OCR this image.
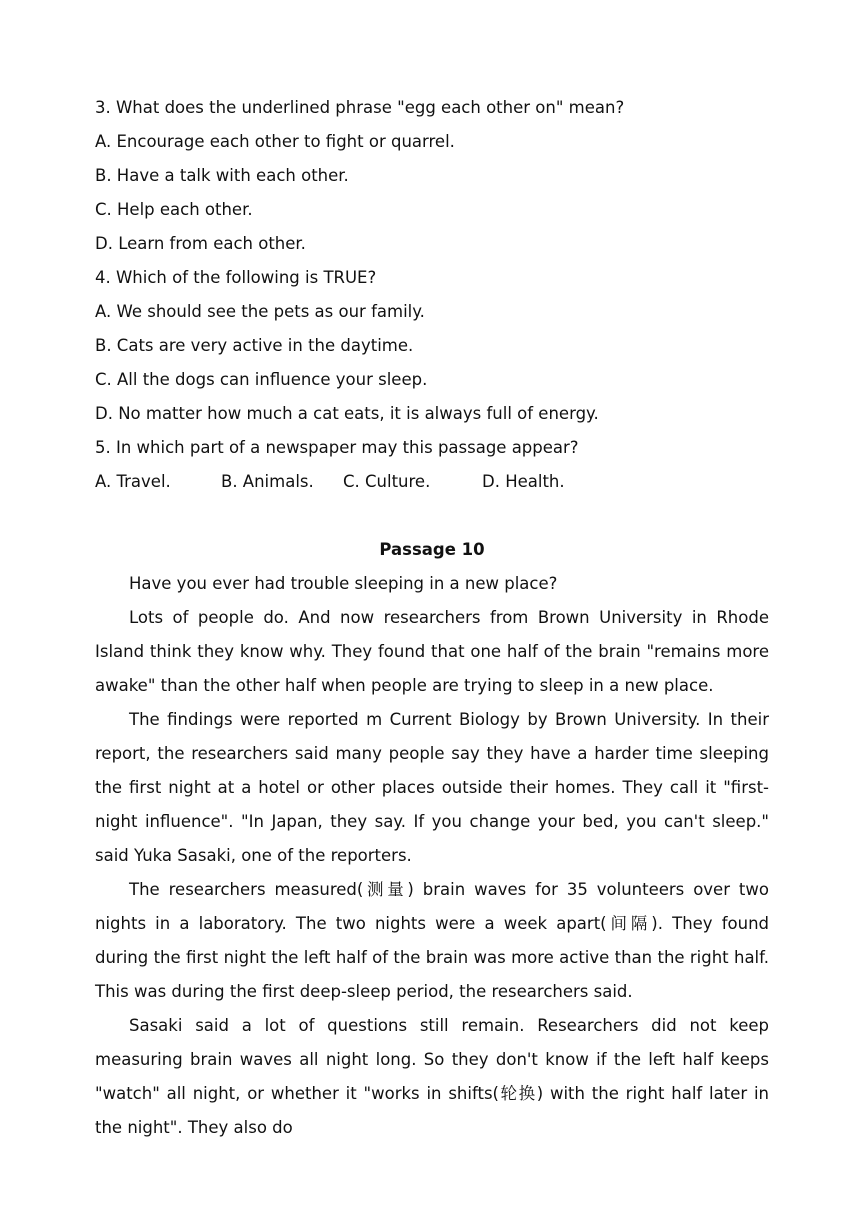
3. What does the underlined phrase "egg each other on" mean?
A. Encourage each other to fight or quarrel.
B. Have a talk with each other.
C. Help each other.
D. Learn from each other.
4. Which of the following is TRUE?
A. We should see the pets as our family.
B. Cats are very active in the daytime.
C. All the dogs can influence your sleep.
D. No matter how much a cat eats, it is always full of energy.
5. In which part of a newspaper may this passage appear?
A. Travel.	B. Animals. C. Culture.	D. Health.
Passage 10

Have you ever had trouble sleeping in a new place?

Lots of people do. And now researchers from Brown University in Rhode Island think they know why. They found that one half of the brain "remains more awake" than the other half when people are trying to sleep in a new place.

The findings were reported m Current Biology by Brown University. In their report, the researchers said many people say they have a harder time sleeping the first night at a hotel or other places outside their homes. They call it "first-night influence". "In Japan, they say. If you change your bed, you can't sleep." said Yuka Sasaki, one of the reporters.

The researchers measured(测量) brain waves for 35 volunteers over two nights in a laboratory. The two nights were a week apart(间隔). They found during the first night the left half of the brain was more active than the right half. This was during the first deep-sleep period, the researchers said.

Sasaki said a lot of questions still remain. Researchers did not keep measuring brain waves all night long. So they don't know if the left half keeps "watch" all night, or whether it "works in shifts(轮换) with the right half later in the night". They also do
